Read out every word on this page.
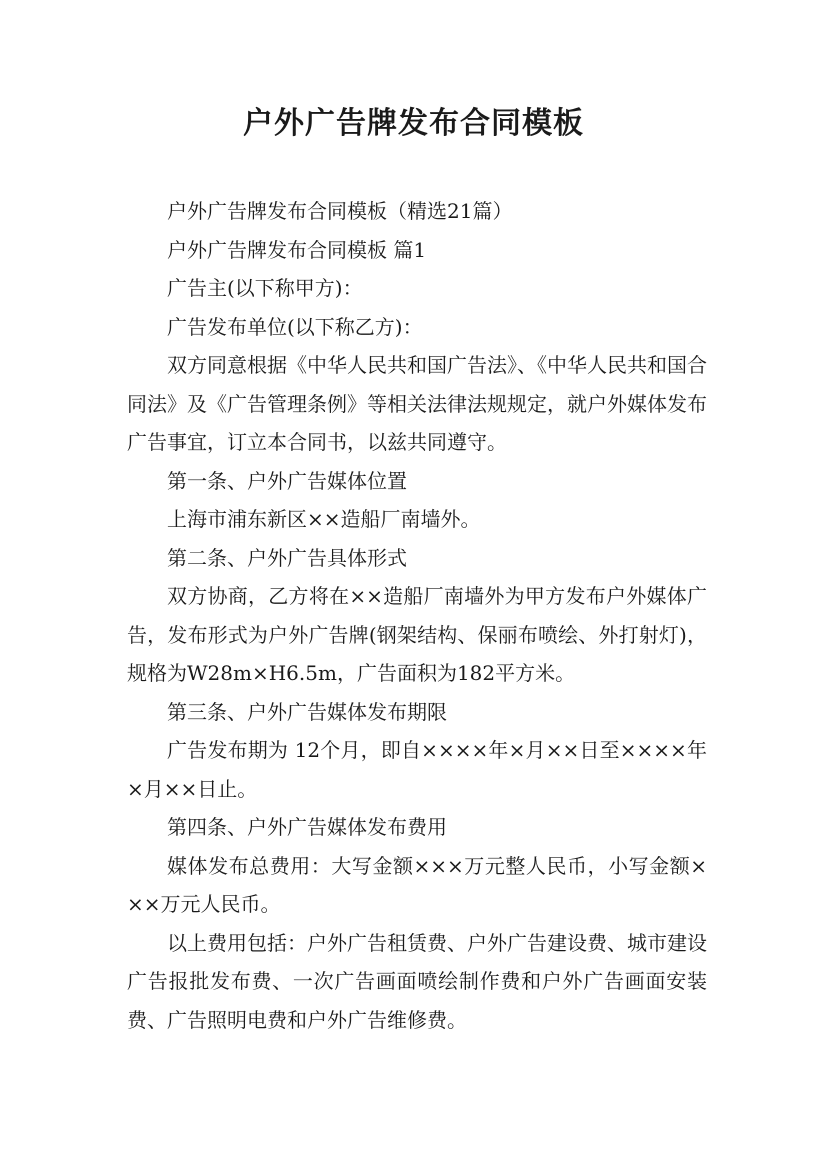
户外广告牌发布合同模板

户外广告牌发布合同模板（精选21篇）

户外广告牌发布合同模板 篇1

广告主(以下称甲方)：

广告发布单位(以下称乙方)：

双方同意根据《中华人民共和国广告法》、《中华人民共和国合同法》及《广告管理条例》等相关法律法规规定，就户外媒体发布广告事宜，订立本合同书，以兹共同遵守。

第一条、户外广告媒体位置

上海市浦东新区××造船厂南墙外。

第二条、户外广告具体形式

双方协商，乙方将在××造船厂南墙外为甲方发布户外媒体广告，发布形式为户外广告牌(钢架结构、保丽布喷绘、外打射灯)，规格为W28m×H6.5m，广告面积为182平方米。

第三条、户外广告媒体发布期限

广告发布期为 12个月，即自××××年×月××日至××××年×月××日止。

第四条、户外广告媒体发布费用

媒体发布总费用：大写金额×××万元整人民币，小写金额×××万元人民币。

以上费用包括：户外广告租赁费、户外广告建设费、城市建设广告报批发布费、一次广告画面喷绘制作费和户外广告画面安装费、广告照明电费和户外广告维修费。
